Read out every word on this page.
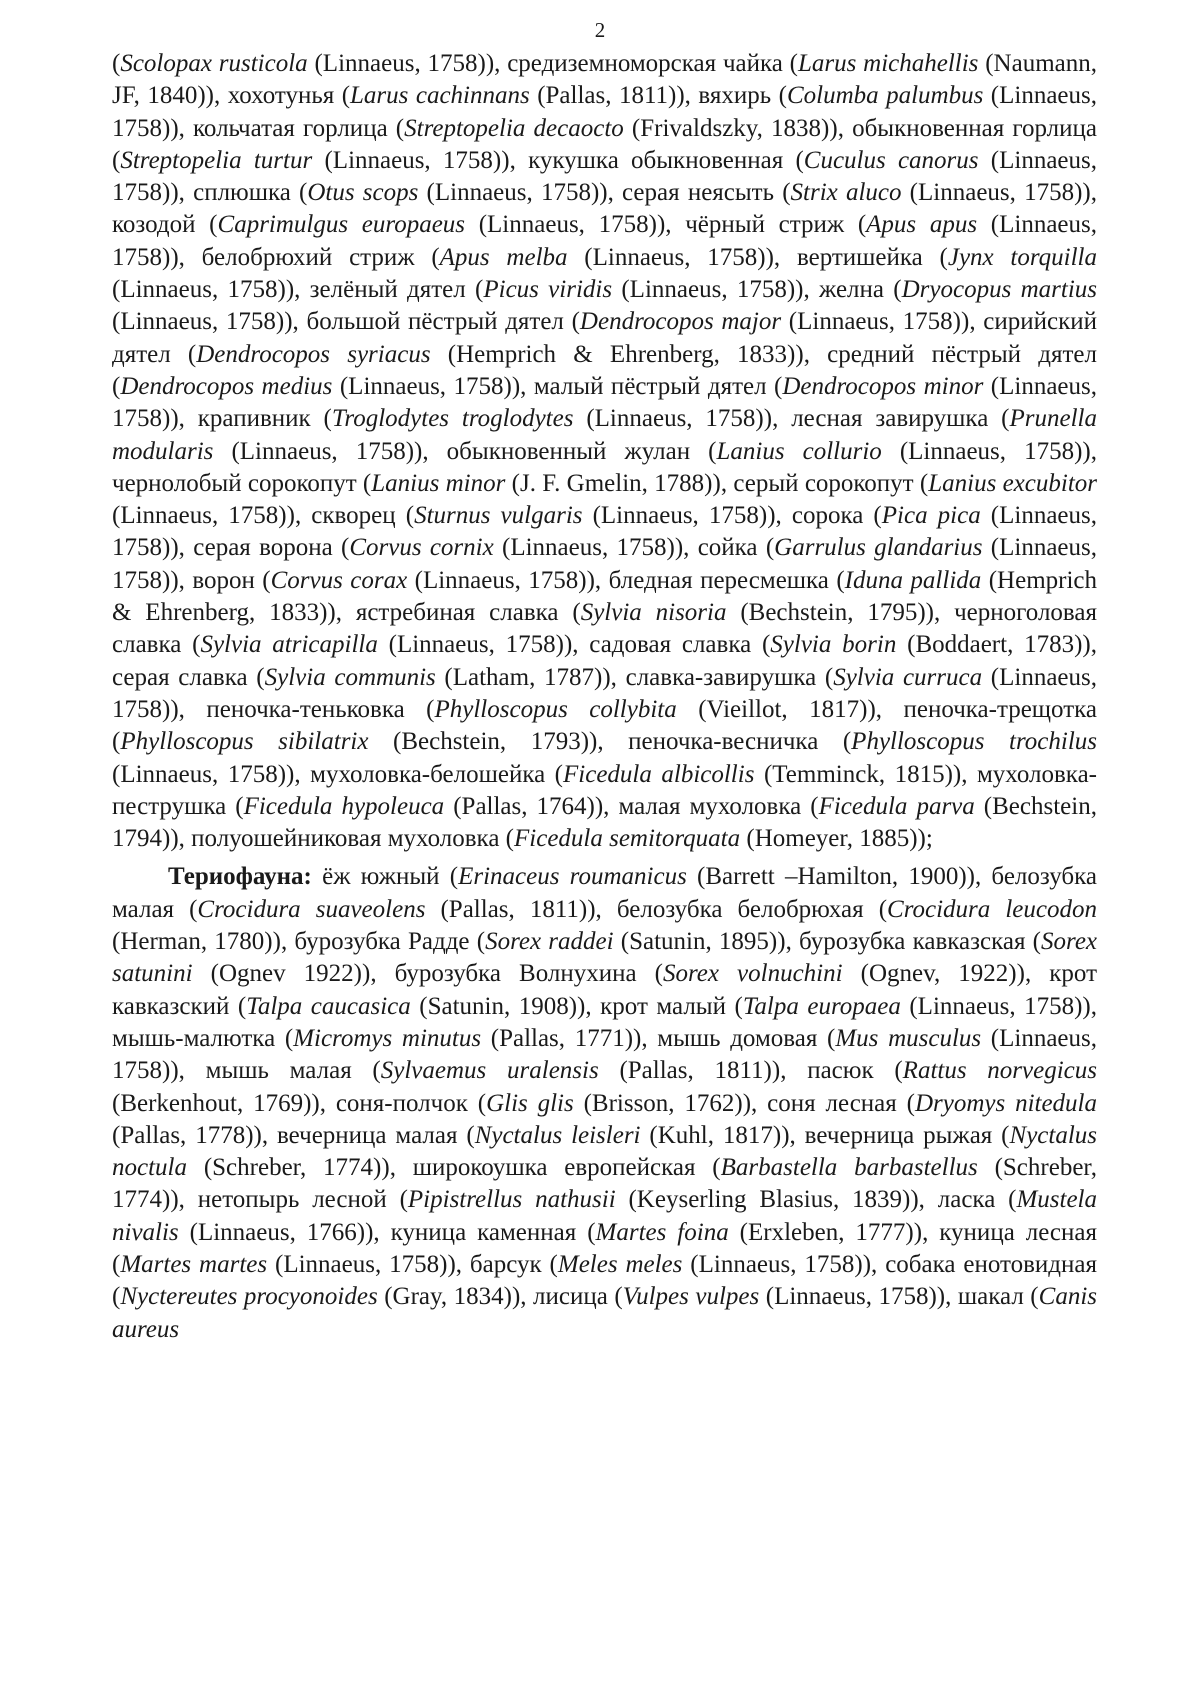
2

(Scolopax rusticola (Linnaeus, 1758)), средиземноморская чайка (Larus michahellis (Naumann, JF, 1840)), хохотунья (Larus cachinnans (Pallas, 1811)), вяхирь (Columba palumbus (Linnaeus, 1758)), кольчатая горлица (Streptopelia decaocto (Frivaldszky, 1838)), обыкновенная горлица (Streptopelia turtur (Linnaeus, 1758)), кукушка обыкновенная (Cuculus canorus (Linnaeus, 1758)), сплюшка (Otus scops (Linnaeus, 1758)), серая неясыть (Strix aluco (Linnaeus, 1758)), козодой (Caprimulgus europaeus (Linnaeus, 1758)), чёрный стриж (Apus apus (Linnaeus, 1758)), белобрюхий стриж (Apus melba (Linnaeus, 1758)), вертишейка (Jynx torquilla (Linnaeus, 1758)), зелёный дятел (Picus viridis (Linnaeus, 1758)), желна (Dryocopus martius (Linnaeus, 1758)), большой пёстрый дятел (Dendrocopos major (Linnaeus, 1758)), сирийский дятел (Dendrocopos syriacus (Hemprich & Ehrenberg, 1833)), средний пёстрый дятел (Dendrocopos medius (Linnaeus, 1758)), малый пёстрый дятел (Dendrocopos minor (Linnaeus, 1758)), крапивник (Troglodytes troglodytes (Linnaeus, 1758)), лесная завирушка (Prunella modularis (Linnaeus, 1758)), обыкновенный жулан (Lanius collurio (Linnaeus, 1758)), чернолобый сорокопут (Lanius minor (J. F. Gmelin, 1788)), серый сорокопут (Lanius excubitor (Linnaeus, 1758)), скворец (Sturnus vulgaris (Linnaeus, 1758)), сорока (Pica pica (Linnaeus, 1758)), серая ворона (Corvus cornix (Linnaeus, 1758)), сойка (Garrulus glandarius (Linnaeus, 1758)), ворон (Corvus corax (Linnaeus, 1758)), бледная пересмешка (Iduna pallida (Hemprich & Ehrenberg, 1833)), ястребиная славка (Sylvia nisoria (Bechstein, 1795)), черноголовая славка (Sylvia atricapilla (Linnaeus, 1758)), садовая славка (Sylvia borin (Boddaert, 1783)), серая славка (Sylvia communis (Latham, 1787)), славка-завирушка (Sylvia curruca (Linnaeus, 1758)), пеночка-теньковка (Phylloscopus collybita (Vieillot, 1817)), пеночка-трещотка (Phylloscopus sibilatrix (Bechstein, 1793)), пеночка-весничка (Phylloscopus trochilus (Linnaeus, 1758)), мухоловка-белошейка (Ficedula albicollis (Temminck, 1815)), мухоловка-пеструшка (Ficedula hypoleuca (Pallas, 1764)), малая мухоловка (Ficedula parva (Bechstein, 1794)), полуошейниковая мухоловка (Ficedula semitorquata (Homeyer, 1885));

Териофауна: ёж южный (Erinaceus roumanicus (Barrett –Hamilton, 1900)), белозубка малая (Crocidura suaveolens (Pallas, 1811)), белозубка белобрюхая (Crocidura leucodon (Herman, 1780)), бурозубка Радде (Sorex raddei (Satunin, 1895)), бурозубка кавказская (Sorex satunini (Ognev 1922)), бурозубка Волнухина (Sorex volnuchini (Ognev, 1922)), крот кавказский (Talpa caucasica (Satunin, 1908)), крот малый (Talpa europaea (Linnaeus, 1758)), мышь-малютка (Micromys minutus (Pallas, 1771)), мышь домовая (Mus musculus (Linnaeus, 1758)), мышь малая (Sylvaemus uralensis (Pallas, 1811)), пасюк (Rattus norvegicus (Berkenhout, 1769)), соня-полчок (Glis glis (Brisson, 1762)), соня лесная (Dryomys nitedula (Pallas, 1778)), вечерница малая (Nyctalus leisleri (Kuhl, 1817)), вечерница рыжая (Nyctalus noctula (Schreber, 1774)), широкоушка европейская (Barbastella barbastellus (Schreber, 1774)), нетопырь лесной (Pipistrellus nathusii (Keyserling Blasius, 1839)), ласка (Mustela nivalis (Linnaeus, 1766)), куница каменная (Martes foina (Erxleben, 1777)), куница лесная (Martes martes (Linnaeus, 1758)), барсук (Meles meles (Linnaeus, 1758)), собака енотовидная (Nyctereutes procyonoides (Gray, 1834)), лисица (Vulpes vulpes (Linnaeus, 1758)), шакал (Canis aureus
